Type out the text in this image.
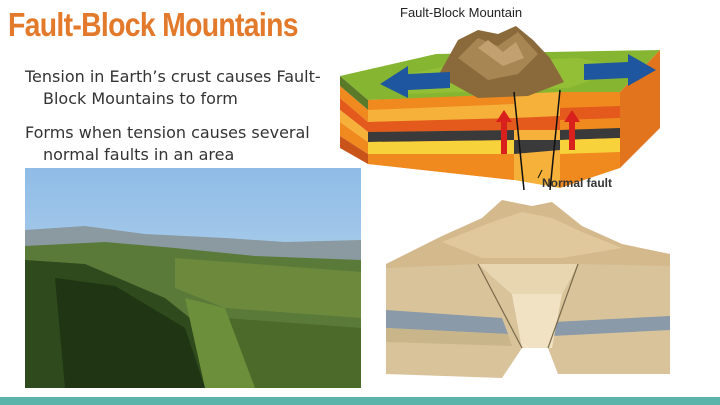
Fault-Block Mountains
Tension in Earth’s crust causes Fault-Block Mountains to form
Forms when tension causes several normal faults in an area
Fault-Block Mountain
Normal fault
